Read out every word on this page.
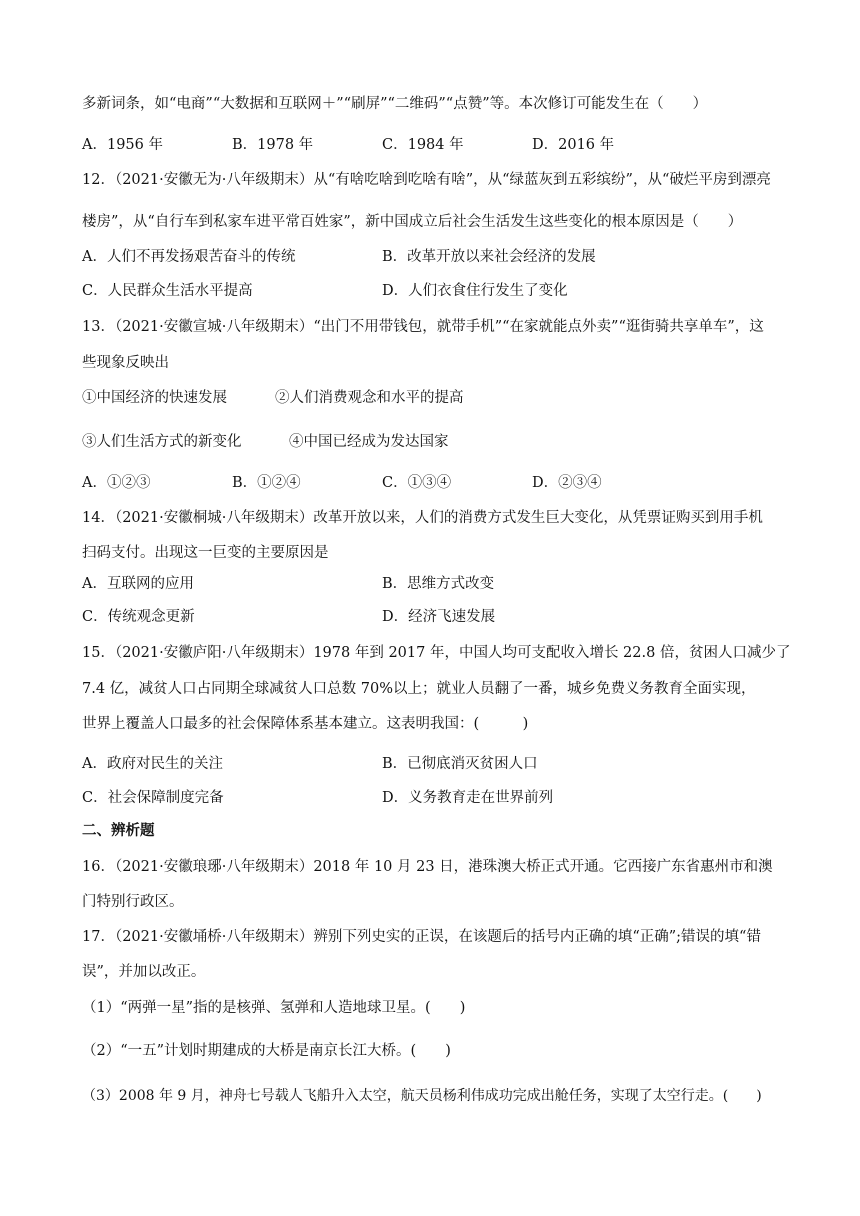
多新词条，如“电商”“大数据和互联网＋”“刷屏”“二维码”“点赞”等。本次修订可能发生在（　　）
A．1956 年	B．1978 年	C．1984 年	D．2016 年
12．（2021·安徽无为·八年级期末）从“有啥吃啥到吃啥有啥”，从“绿蓝灰到五彩缤纷”，从“破烂平房到漂亮
楼房”，从“自行车到私家车进平常百姓家”，新中国成立后社会生活发生这些变化的根本原因是（　　）
A．人们不再发扬艰苦奋斗的传统	B．改革开放以来社会经济的发展
C．人民群众生活水平提高	D．人们衣食住行发生了变化
13．（2021·安徽宣城·八年级期末）“出门不用带钱包，就带手机”“在家就能点外卖”“逛街骑共享单车”，这
些现象反映出
①中国经济的快速发展	②人们消费观念和水平的提高
③人们生活方式的新变化	④中国已经成为发达国家
A．①②③	B．①②④	C．①③④	D．②③④
14．（2021·安徽桐城·八年级期末）改革开放以来，人们的消费方式发生巨大变化，从凭票证购买到用手机
扫码支付。出现这一巨变的主要原因是
A．互联网的应用	B．思维方式改变
C．传统观念更新	D．经济飞速发展
15．（2021·安徽庐阳·八年级期末）1978 年到 2017 年，中国人均可支配收入增长 22.8 倍，贫困人口减少了
7.4 亿，减贫人口占同期全球减贫人口总数 70%以上；就业人员翻了一番，城乡免费义务教育全面实现，
世界上覆盖人口最多的社会保障体系基本建立。这表明我国：(　　　)
A．政府对民生的关注	B．已彻底消灭贫困人口
C．社会保障制度完备	D．义务教育走在世界前列
二、辨析题
16．（2021·安徽琅琊·八年级期末）2018 年 10 月 23 日，港珠澳大桥正式开通。它西接广东省惠州市和澳
门特别行政区。
17．（2021·安徽埇桥·八年级期末）辨别下列史实的正误，在该题后的括号内正确的填“正确”;错误的填“错
误”，并加以改正。
（1）“两弹一星”指的是核弹、氢弹和人造地球卫星。(　　)
（2）“一五”计划时期建成的大桥是南京长江大桥。(　　)
（3）2008 年 9 月，神舟七号载人飞船升入太空，航天员杨利伟成功完成出舱任务，实现了太空行走。(　　)
